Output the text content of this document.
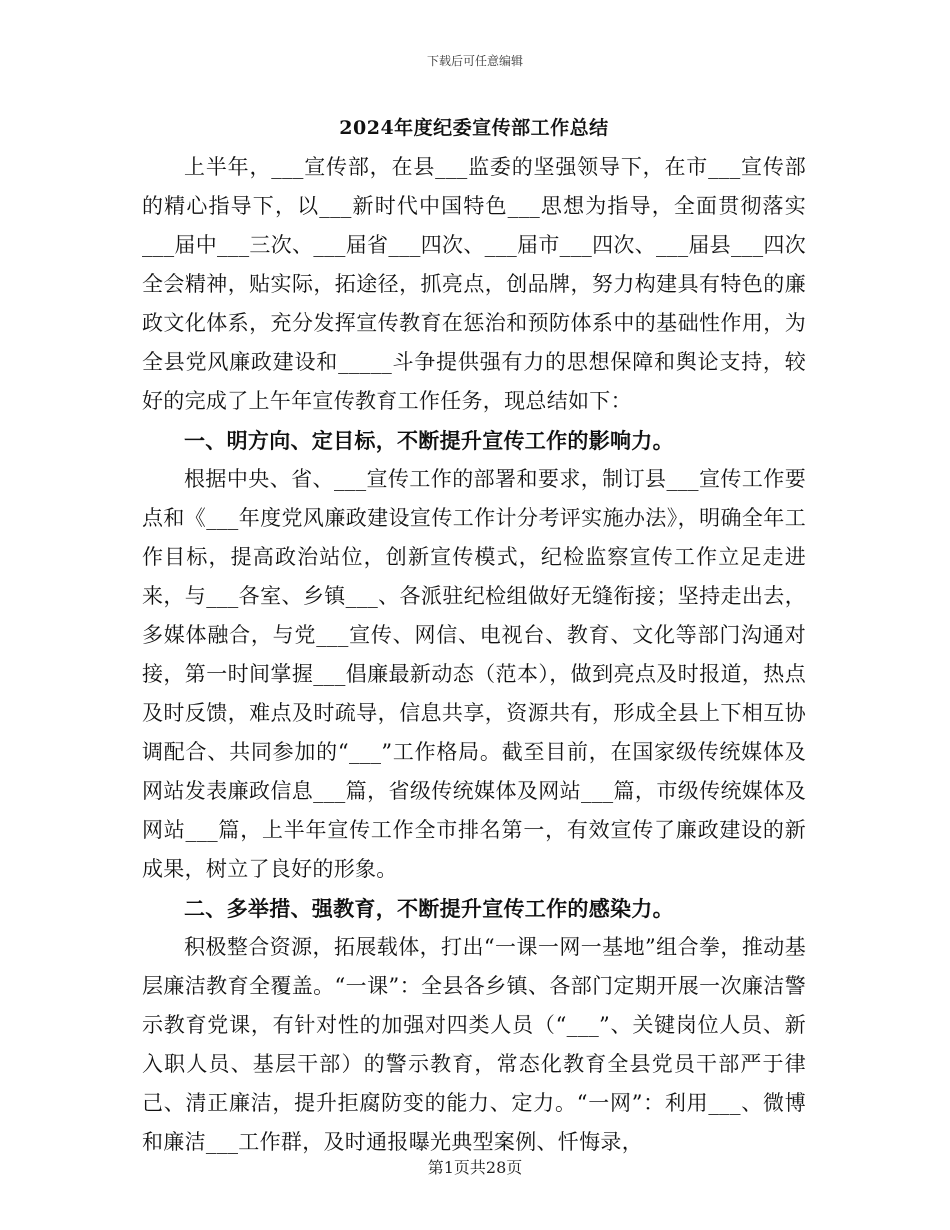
下载后可任意编辑
2024年度纪委宣传部工作总结

上半年，___宣传部，在县___监委的坚强领导下，在市___宣传部的精心指导下，以___新时代中国特色___思想为指导，全面贯彻落实___届中___三次、___届省___四次、___届市___四次、___届县___四次全会精神，贴实际，拓途径，抓亮点，创品牌，努力构建具有特色的廉政文化体系，充分发挥宣传教育在惩治和预防体系中的基础性作用，为全县党风廉政建设和_____斗争提供强有力的思想保障和舆论支持，较好的完成了上午年宣传教育工作任务，现总结如下：

一、明方向、定目标，不断提升宣传工作的影响力。

根据中央、省、___宣传工作的部署和要求，制订县___宣传工作要点和《___年度党风廉政建设宣传工作计分考评实施办法》，明确全年工作目标，提高政治站位，创新宣传模式，纪检监察宣传工作立足走进来，与___各室、乡镇___、各派驻纪检组做好无缝衔接；坚持走出去，多媒体融合，与党___宣传、网信、电视台、教育、文化等部门沟通对接，第一时间掌握___倡廉最新动态（范本），做到亮点及时报道，热点及时反馈，难点及时疏导，信息共享，资源共有，形成全县上下相互协调配合、共同参加的“___”工作格局。截至目前，在国家级传统媒体及网站发表廉政信息___篇，省级传统媒体及网站___篇，市级传统媒体及网站___篇，上半年宣传工作全市排名第一，有效宣传了廉政建设的新成果，树立了良好的形象。

二、多举措、强教育，不断提升宣传工作的感染力。

积极整合资源，拓展载体，打出“一课一网一基地”组合拳，推动基层廉洁教育全覆盖。“一课”：全县各乡镇、各部门定期开展一次廉洁警示教育党课，有针对性的加强对四类人员（“___”、关键岗位人员、新入职人员、基层干部）的警示教育，常态化教育全县党员干部严于律己、清正廉洁，提升拒腐防变的能力、定力。“一网”：利用___、微博和廉洁___工作群，及时通报曝光典型案例、忏悔录，

第1页共28页
